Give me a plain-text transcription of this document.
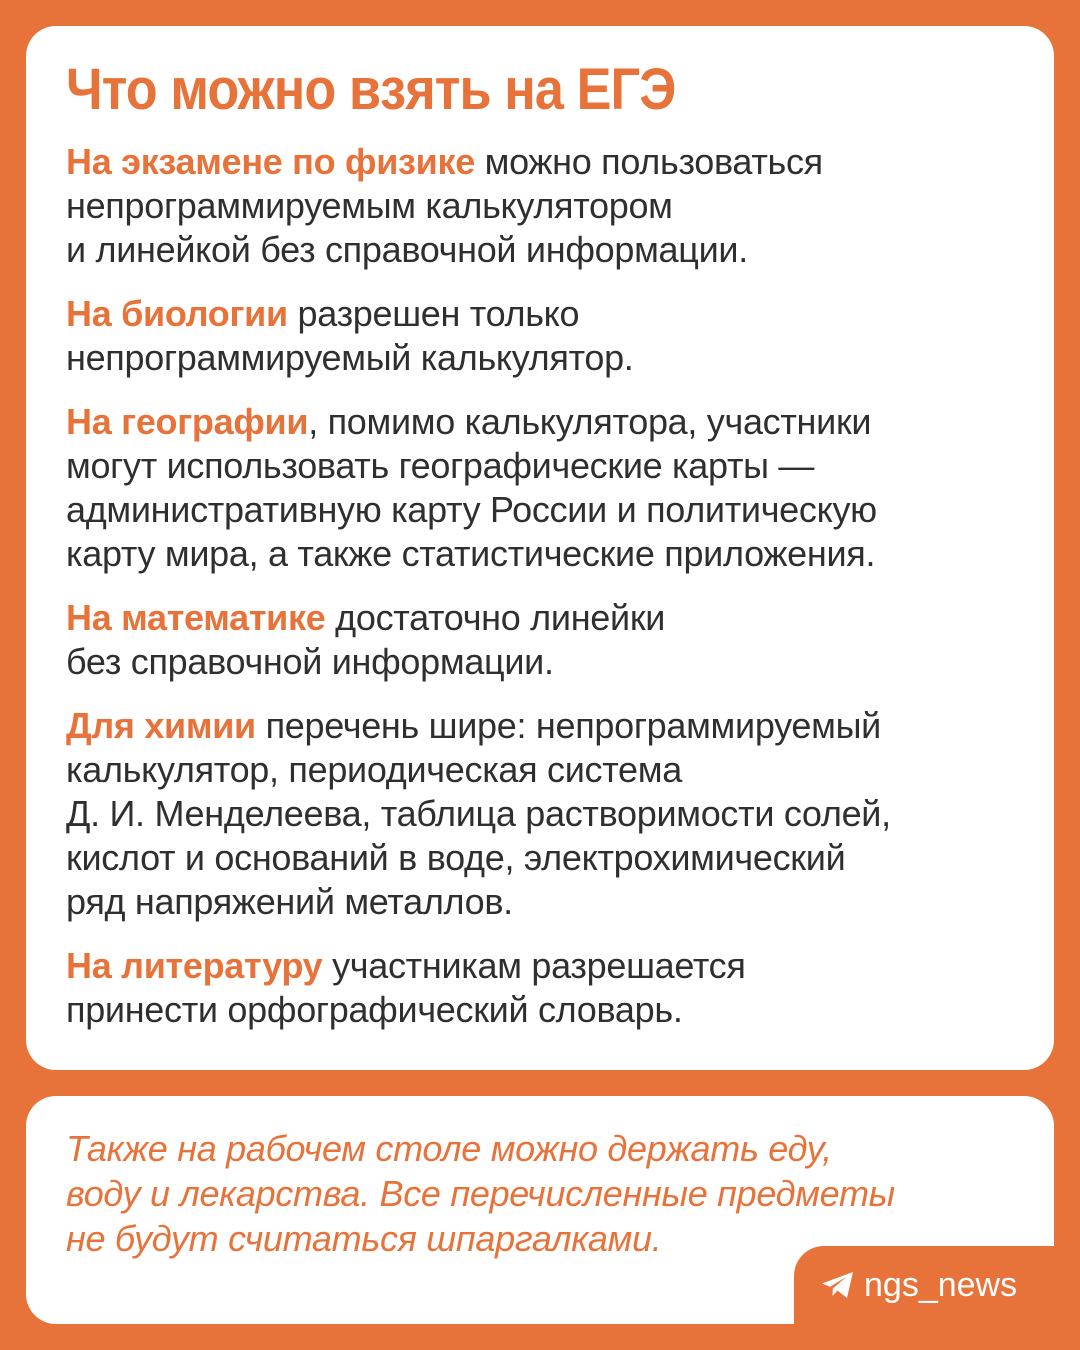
Что можно взять на ЕГЭ

На экзамене по физике можно пользоваться
непрограммируемым калькулятором
и линейкой без справочной информации.

На биологии разрешен только
непрограммируемый калькулятор.

На географии, помимо калькулятора, участники
могут использовать географические карты —
административную карту России и политическую
карту мира, а также статистические приложения.

На математике достаточно линейки
без справочной информации.

Для химии перечень шире: непрограммируемый
калькулятор, периодическая система
Д. И. Менделеева, таблица растворимости солей,
кислот и оснований в воде, электрохимический
ряд напряжений металлов.

На литературу участникам разрешается
принести орфографический словарь.

Также на рабочем столе можно держать еду,
воду и лекарства. Все перечисленные предметы
не будут считаться шпаргалками.

ngs_news
